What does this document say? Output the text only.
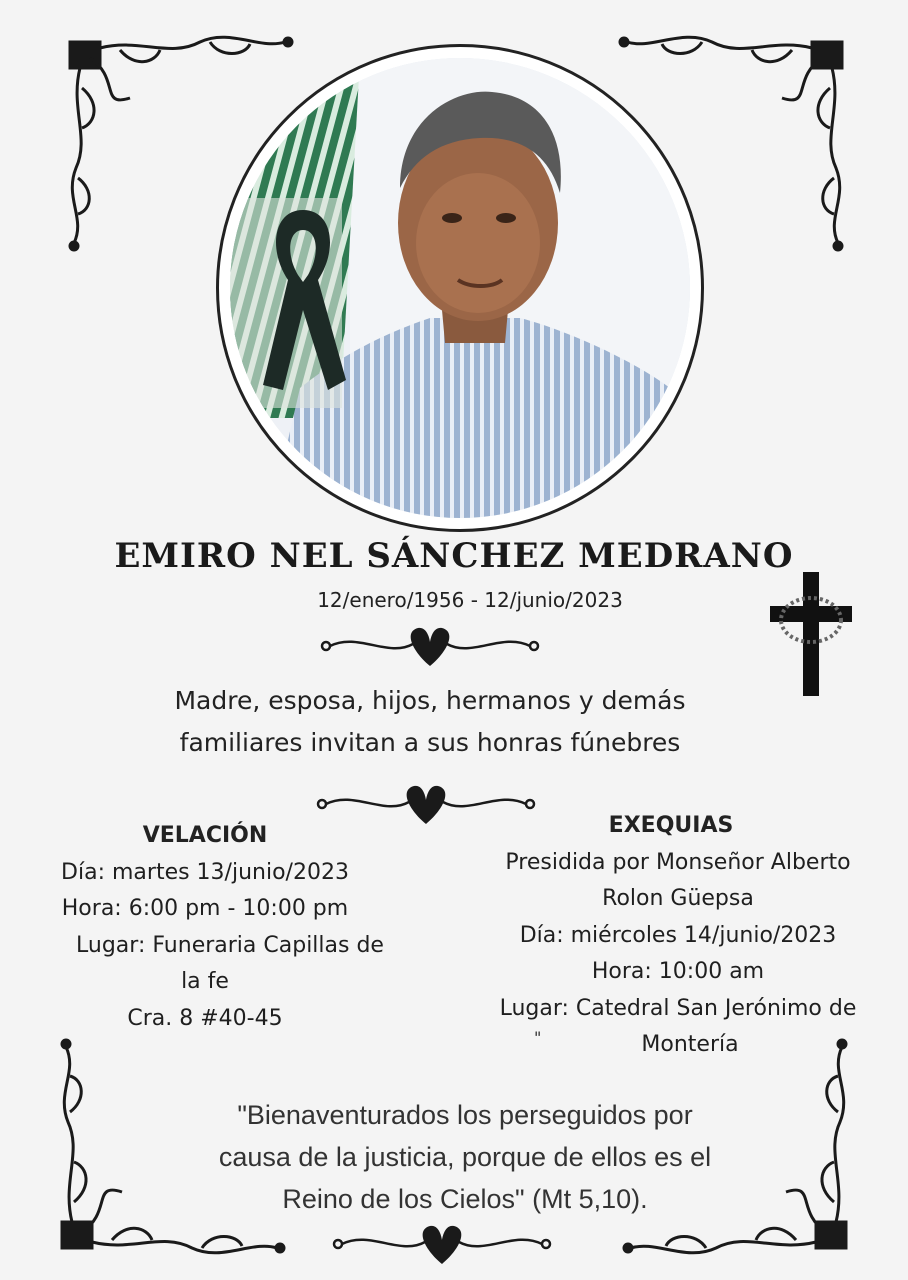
EMIRO NEL SÁNCHEZ MEDRANO
12/enero/1956 - 12/junio/2023
Madre, esposa, hijos, hermanos y demás
familiares invitan a sus honras fúnebres
VELACIÓN
Día: martes 13/junio/2023
Hora: 6:00 pm - 10:00 pm
Lugar: Funeraria Capillas de
la fe
Cra. 8 #40-45
EXEQUIAS
Presidida por Monseñor Alberto
Rolon Güepsa
Día: miércoles 14/junio/2023
Hora: 10:00 am
Lugar: Catedral San Jerónimo de
Montería
"
"Bienaventurados los perseguidos por
causa de la justicia, porque de ellos es el
Reino de los Cielos" (Mt 5,10).
